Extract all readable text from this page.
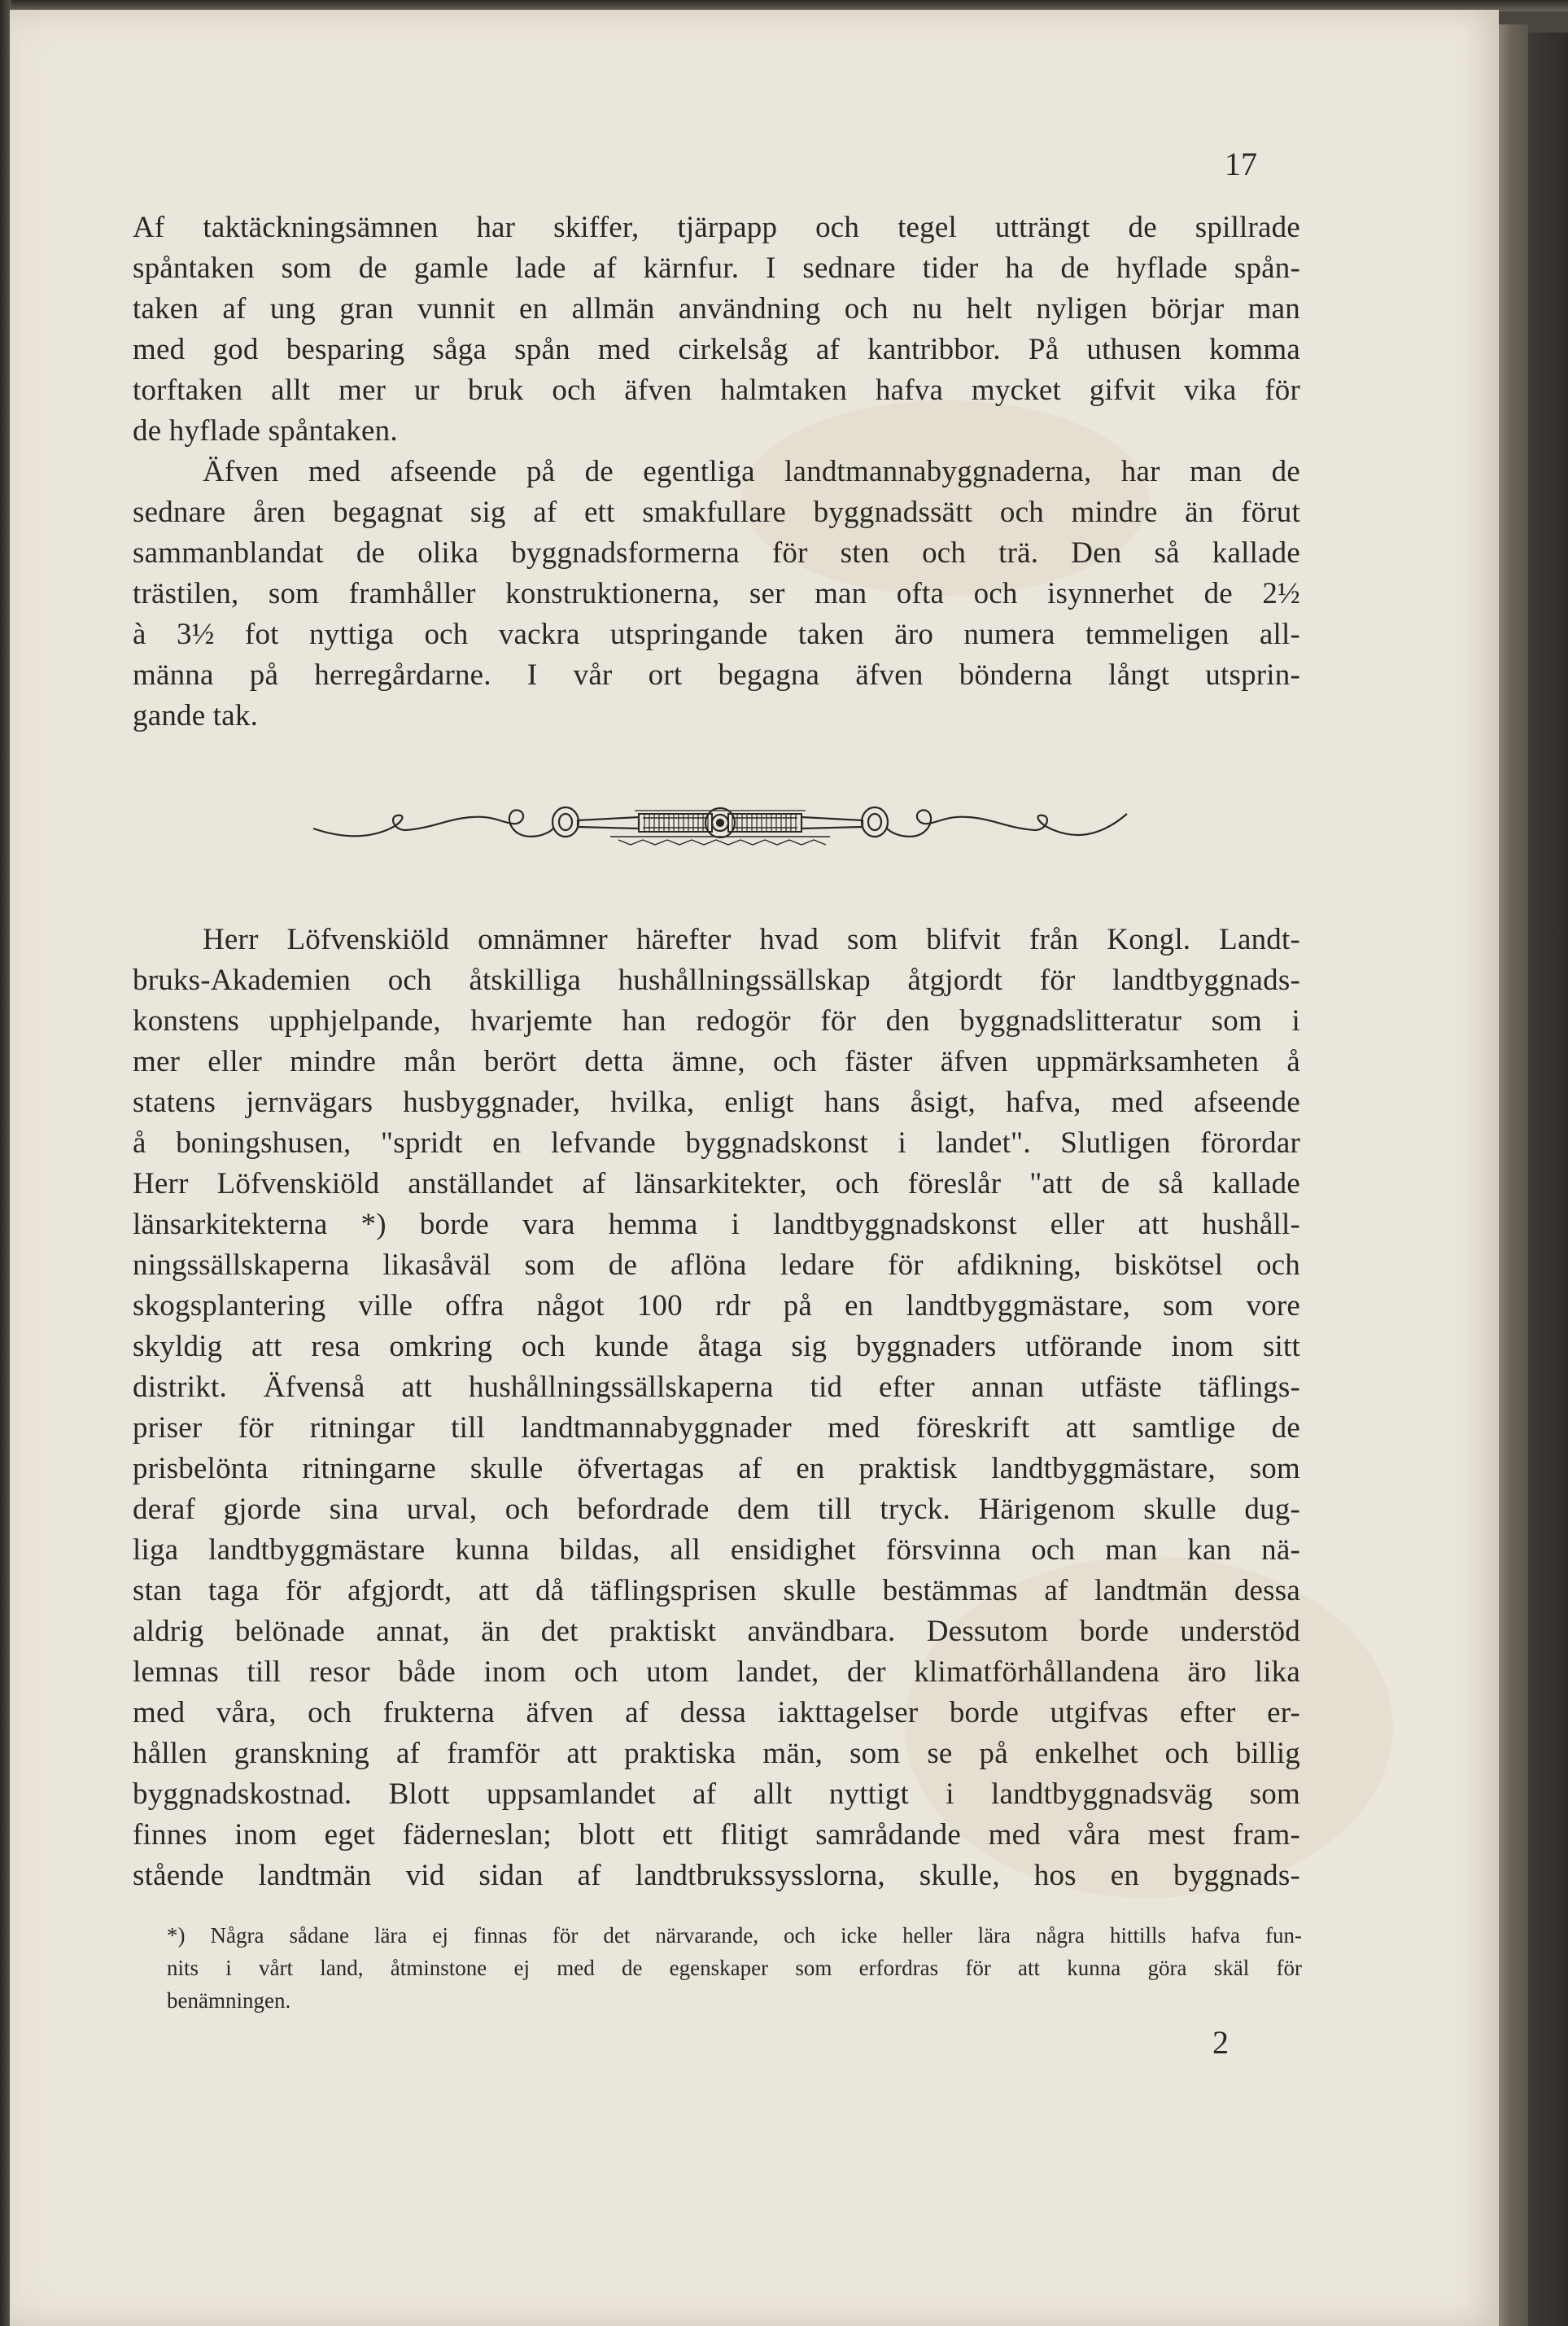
17
Af taktäckningsämnen har skiffer, tjärpapp och tegel utträngt de spillrade
spåntaken som de gamle lade af kärnfur. I sednare tider ha de hyflade spån-
taken af ung gran vunnit en allmän användning och nu helt nyligen börjar man
med god besparing såga spån med cirkelsåg af kantribbor. På uthusen komma
torftaken allt mer ur bruk och äfven halmtaken hafva mycket gifvit vika för
de hyflade spåntaken.
Äfven med afseende på de egentliga landtmannabyggnaderna, har man de
sednare åren begagnat sig af ett smakfullare byggnadssätt och mindre än förut
sammanblandat de olika byggnadsformerna för sten och trä. Den så kallade
trästilen, som framhåller konstruktionerna, ser man ofta och isynnerhet de 2½
à 3½ fot nyttiga och vackra utspringande taken äro numera temmeligen all-
männa på herregårdarne. I vår ort begagna äfven bönderna långt utsprin-
gande tak.
Herr Löfvenskiöld omnämner härefter hvad som blifvit från Kongl. Landt-
bruks-Akademien och åtskilliga hushållningssällskap åtgjordt för landtbyggnads-
konstens upphjelpande, hvarjemte han redogör för den byggnadslitteratur som i
mer eller mindre mån berört detta ämne, och fäster äfven uppmärksamheten å
statens jernvägars husbyggnader, hvilka, enligt hans åsigt, hafva, med afseende
å boningshusen, "spridt en lefvande byggnadskonst i landet". Slutligen förordar
Herr Löfvenskiöld anställandet af länsarkitekter, och föreslår "att de så kallade
länsarkitekterna *) borde vara hemma i landtbyggnadskonst eller att hushåll-
ningssällskaperna likasåväl som de aflöna ledare för afdikning, biskötsel och
skogsplantering ville offra något 100 rdr på en landtbyggmästare, som vore
skyldig att resa omkring och kunde åtaga sig byggnaders utförande inom sitt
distrikt. Äfvenså att hushållningssällskaperna tid efter annan utfäste täflings-
priser för ritningar till landtmannabyggnader med föreskrift att samtlige de
prisbelönta ritningarne skulle öfvertagas af en praktisk landtbyggmästare, som
deraf gjorde sina urval, och befordrade dem till tryck. Härigenom skulle dug-
liga landtbyggmästare kunna bildas, all ensidighet försvinna och man kan nä-
stan taga för afgjordt, att då täflingsprisen skulle bestämmas af landtmän dessa
aldrig belönade annat, än det praktiskt användbara. Dessutom borde understöd
lemnas till resor både inom och utom landet, der klimatförhållandena äro lika
med våra, och frukterna äfven af dessa iakttagelser borde utgifvas efter er-
hållen granskning af framför att praktiska män, som se på enkelhet och billig
byggnadskostnad. Blott uppsamlandet af allt nyttigt i landtbyggnadsväg som
finnes inom eget fäderneslan; blott ett flitigt samrådande med våra mest fram-
stående landtmän vid sidan af landtbrukssysslorna, skulle, hos en byggnads-
*) Några sådane lära ej finnas för det närvarande, och icke heller lära några hittills hafva fun-
nits i vårt land, åtminstone ej med de egenskaper som erfordras för att kunna göra skäl för
benämningen.
2
